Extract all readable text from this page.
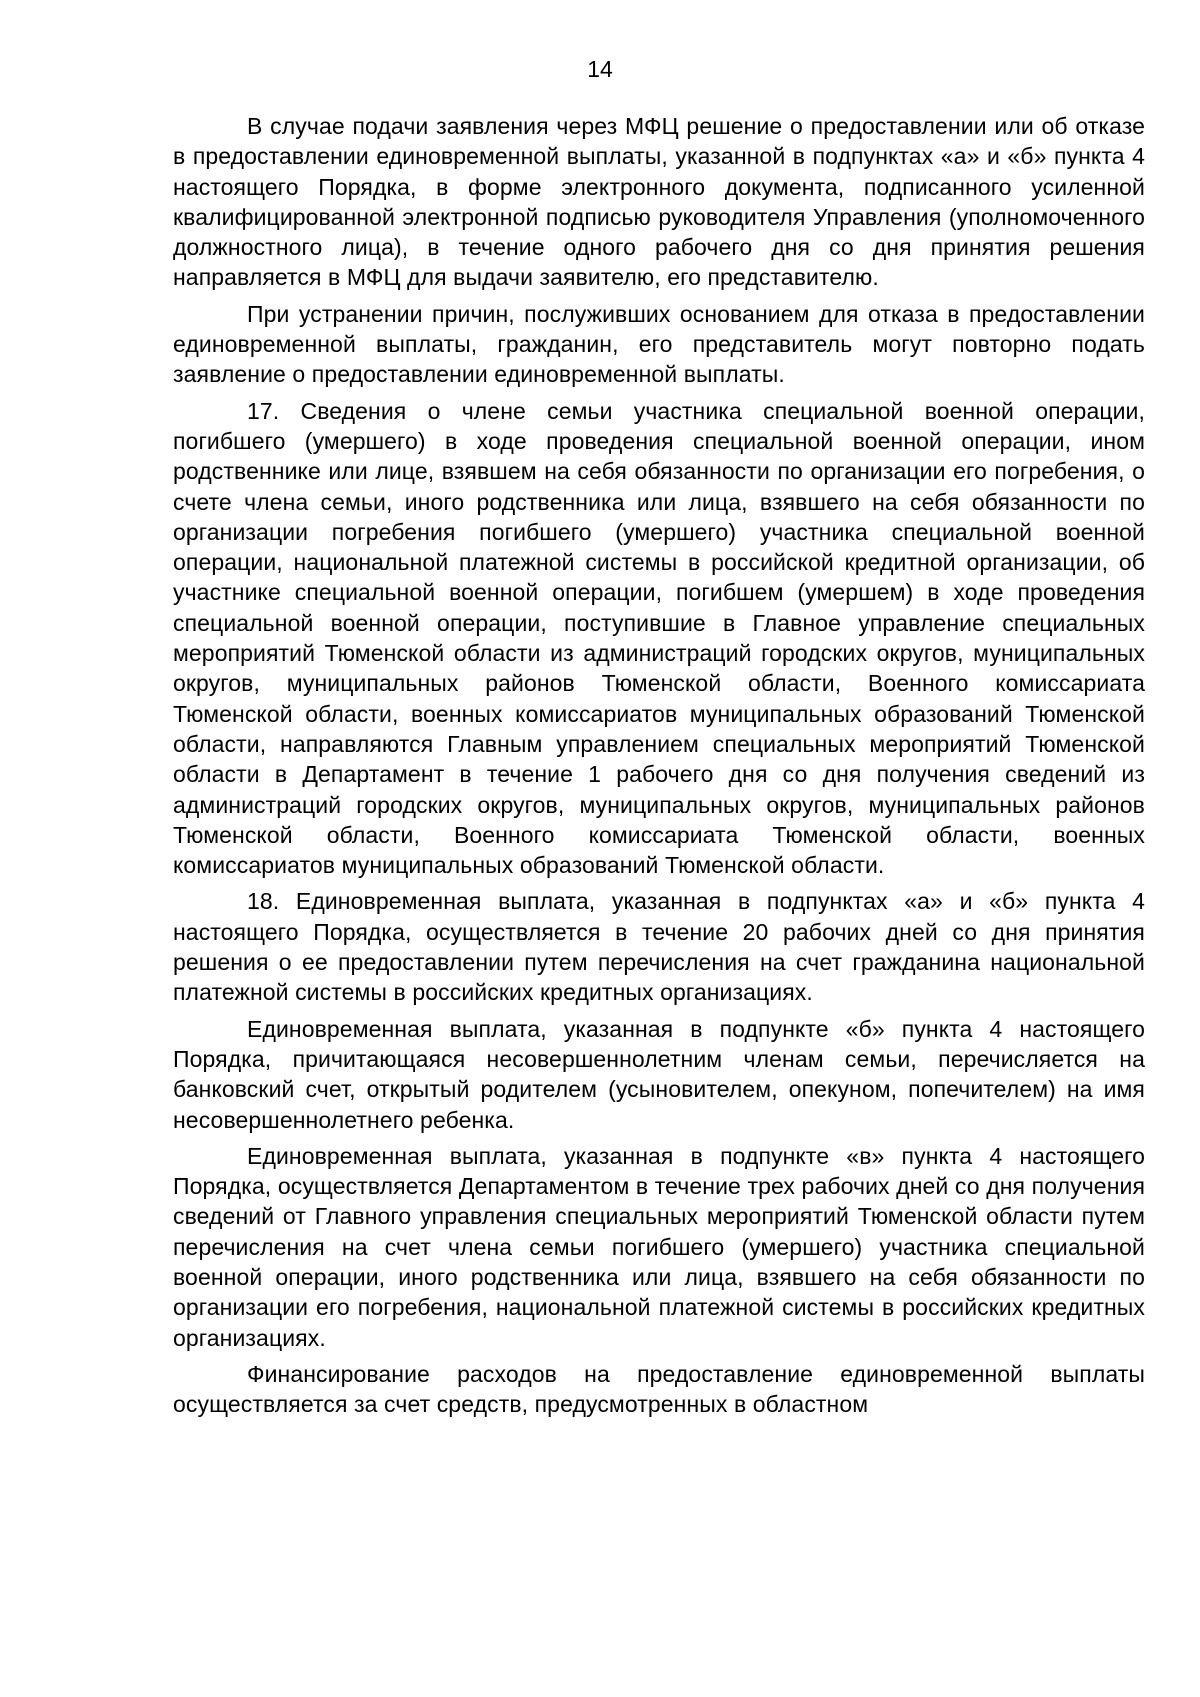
14

В случае подачи заявления через МФЦ решение о предоставлении или об отказе в предоставлении единовременной выплаты, указанной в подпунктах «а» и «б» пункта 4 настоящего Порядка, в форме электронного документа, подписанного усиленной квалифицированной электронной подписью руководителя Управления (уполномоченного должностного лица), в течение одного рабочего дня со дня принятия решения направляется в МФЦ для выдачи заявителю, его представителю.

При устранении причин, послуживших основанием для отказа в предоставлении единовременной выплаты, гражданин, его представитель могут повторно подать заявление о предоставлении единовременной выплаты.

17. Сведения о члене семьи участника специальной военной операции, погибшего (умершего) в ходе проведения специальной военной операции, ином родственнике или лице, взявшем на себя обязанности по организации его погребения, о счете члена семьи, иного родственника или лица, взявшего на себя обязанности по организации погребения погибшего (умершего) участника специальной военной операции, национальной платежной системы в российской кредитной организации, об участнике специальной военной операции, погибшем (умершем) в ходе проведения специальной военной операции, поступившие в Главное управление специальных мероприятий Тюменской области из администраций городских округов, муниципальных округов, муниципальных районов Тюменской области, Военного комиссариата Тюменской области, военных комиссариатов муниципальных образований Тюменской области, направляются Главным управлением специальных мероприятий Тюменской области в Департамент в течение 1 рабочего дня со дня получения сведений из администраций городских округов, муниципальных округов, муниципальных районов Тюменской области, Военного комиссариата Тюменской области, военных комиссариатов муниципальных образований Тюменской области.

18. Единовременная выплата, указанная в подпунктах «а» и «б» пункта 4 настоящего Порядка, осуществляется в течение 20 рабочих дней со дня принятия решения о ее предоставлении путем перечисления на счет гражданина национальной платежной системы в российских кредитных организациях.

Единовременная выплата, указанная в подпункте «б» пункта 4 настоящего Порядка, причитающаяся несовершеннолетним членам семьи, перечисляется на банковский счет, открытый родителем (усыновителем, опекуном, попечителем) на имя несовершеннолетнего ребенка.

Единовременная выплата, указанная в подпункте «в» пункта 4 настоящего Порядка, осуществляется Департаментом в течение трех рабочих дней со дня получения сведений от Главного управления специальных мероприятий Тюменской области путем перечисления на счет члена семьи погибшего (умершего) участника специальной военной операции, иного родственника или лица, взявшего на себя обязанности по организации его погребения, национальной платежной системы в российских кредитных организациях.

Финансирование расходов на предоставление единовременной выплаты осуществляется за счет средств, предусмотренных в областном
